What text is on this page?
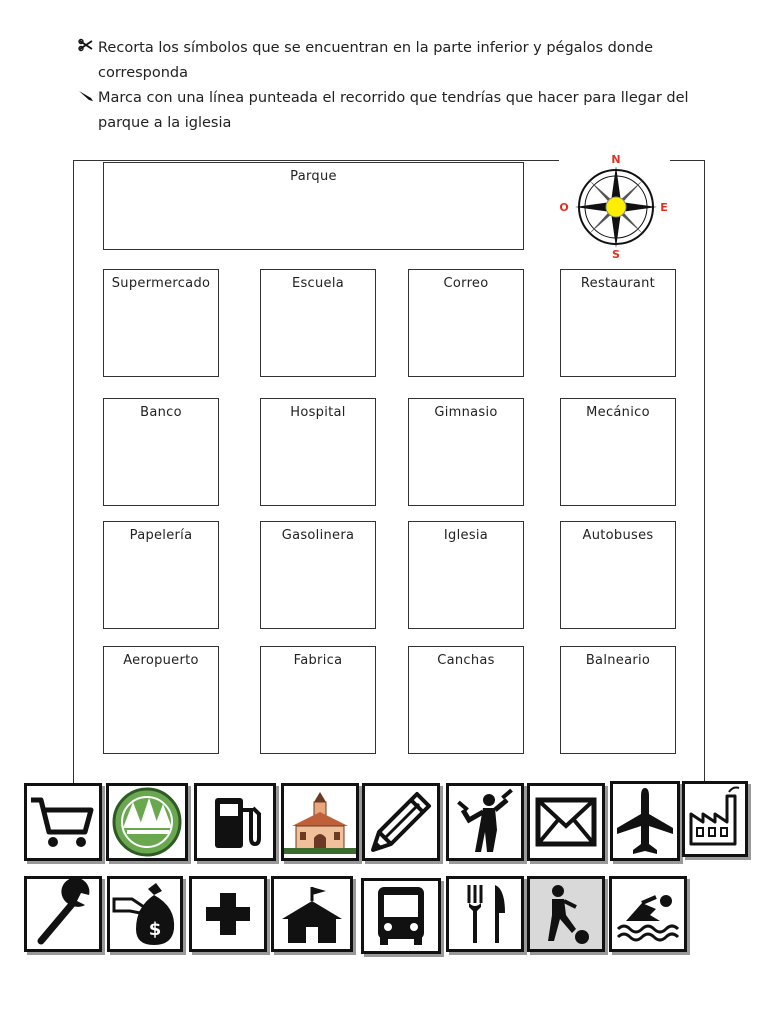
Recorta los símbolos que se encuentran en la parte inferior y pégalos donde corresponda
Marca con una línea punteada el recorrido que tendrías que hacer para llegar del parque a la iglesia
Parque
N
S
O	E
Supermercado	Escuela	Correo	Restaurant
Banco	Hospital	Gimnasio	Mecánico
Papelería	Gasolinera	Iglesia	Autobuses
Aeropuerto	Fabrica	Canchas	Balneario
$
